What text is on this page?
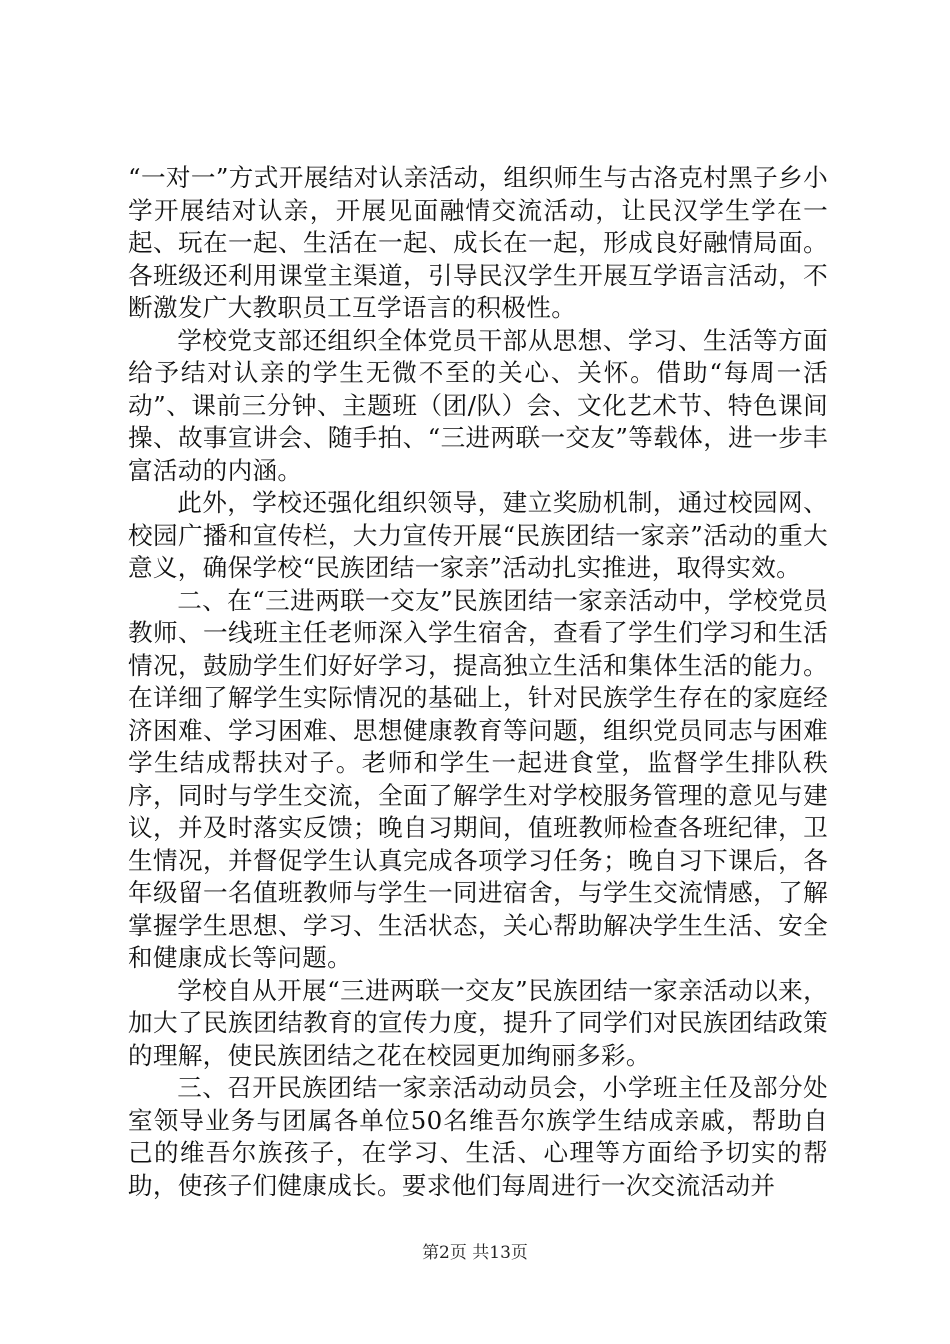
“一对一”方式开展结对认亲活动，组织师生与古洛克村黑子乡小学开展结对认亲，开展见面融情交流活动，让民汉学生学在一起、玩在一起、生活在一起、成长在一起，形成良好融情局面。各班级还利用课堂主渠道，引导民汉学生开展互学语言活动，不断激发广大教职员工互学语言的积极性。

学校党支部还组织全体党员干部从思想、学习、生活等方面给予结对认亲的学生无微不至的关心、关怀。借助“每周一活动”、课前三分钟、主题班（团/队）会、文化艺术节、特色课间操、故事宣讲会、随手拍、“三进两联一交友”等载体，进一步丰富活动的内涵。

此外，学校还强化组织领导，建立奖励机制，通过校园网、校园广播和宣传栏，大力宣传开展“民族团结一家亲”活动的重大意义，确保学校“民族团结一家亲”活动扎实推进，取得实效。

二、在“三进两联一交友”民族团结一家亲活动中，学校党员教师、一线班主任老师深入学生宿舍，查看了学生们学习和生活情况，鼓励学生们好好学习，提高独立生活和集体生活的能力。在详细了解学生实际情况的基础上，针对民族学生存在的家庭经济困难、学习困难、思想健康教育等问题，组织党员同志与困难学生结成帮扶对子。老师和学生一起进食堂，监督学生排队秩序，同时与学生交流，全面了解学生对学校服务管理的意见与建议，并及时落实反馈；晚自习期间，值班教师检查各班纪律，卫生情况，并督促学生认真完成各项学习任务；晚自习下课后，各年级留一名值班教师与学生一同进宿舍，与学生交流情感，了解掌握学生思想、学习、生活状态，关心帮助解决学生生活、安全和健康成长等问题。

学校自从开展“三进两联一交友”民族团结一家亲活动以来，加大了民族团结教育的宣传力度，提升了同学们对民族团结政策的理解，使民族团结之花在校园更加绚丽多彩。

三、召开民族团结一家亲活动动员会，小学班主任及部分处室领导业务与团属各单位50名维吾尔族学生结成亲戚，帮助自己的维吾尔族孩子，在学习、生活、心理等方面给予切实的帮助，使孩子们健康成长。要求他们每周进行一次交流活动并

第2页 共13页
